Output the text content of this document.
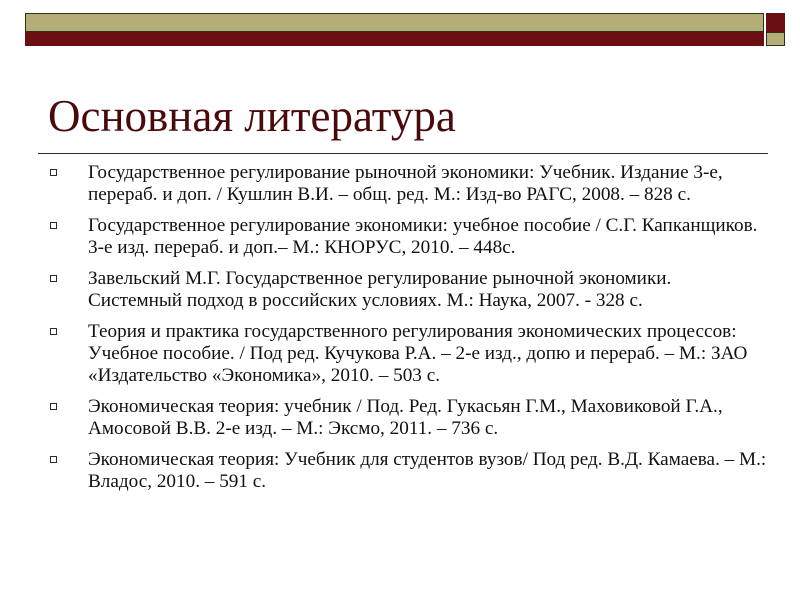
Основная литература
Государственное регулирование рыночной экономики: Учебник. Издание 3-е, перераб. и доп. / Кушлин В.И. – общ. ред. М.: Изд-во РАГС, 2008. – 828 с.
Государственное регулирование экономики: учебное пособие / С.Г. Капканщиков. 3-е изд. перераб. и доп.– М.: КНОРУС, 2010. – 448с.
Завельский М.Г. Государственное регулирование рыночной экономики. Системный подход в российских условиях. М.: Наука, 2007. - 328 с.
Теория и практика государственного регулирования экономических процессов: Учебное пособие. / Под ред. Кучукова Р.А. – 2-е изд., допю и перераб. – М.: ЗАО «Издательство «Экономика», 2010. – 503 с.
Экономическая теория: учебник / Под. Ред. Гукасьян Г.М., Маховиковой Г.А., Амосовой В.В. 2-е изд. – М.: Эксмо, 2011. – 736 с.
Экономическая теория: Учебник для студентов вузов/ Под ред. В.Д. Камаева. – М.: Владос, 2010. – 591 с.
